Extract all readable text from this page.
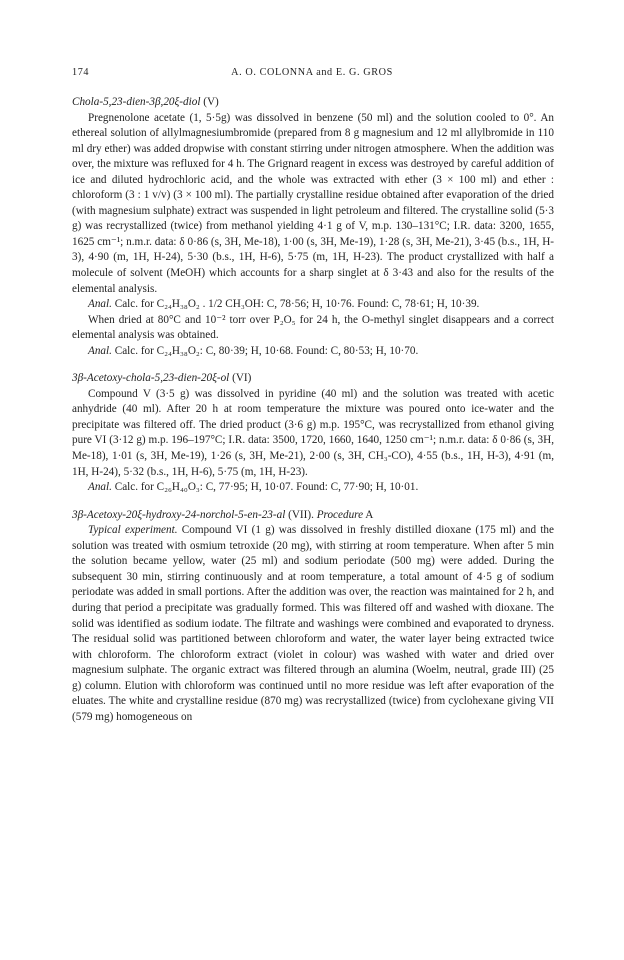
174	A. O. COLONNA and E. G. GROS

Chola-5,23-dien-3β,20ξ-diol (V)

Pregnenolone acetate (1, 5·5g) was dissolved in benzene (50 ml) and the solution cooled to 0°. An ethereal solution of allylmagnesiumbromide (prepared from 8 g magnesium and 12 ml allylbromide in 110 ml dry ether) was added dropwise with constant stirring under nitrogen atmosphere. When the addition was over, the mixture was refluxed for 4 h. The Grignard reagent in excess was destroyed by careful addition of ice and diluted hydrochloric acid, and the whole was extracted with ether (3 × 100 ml) and ether : chloroform (3 : 1 v/v) (3 × 100 ml). The partially crystalline residue obtained after evaporation of the dried (with magnesium sulphate) extract was suspended in light petroleum and filtered. The crystalline solid (5·3 g) was recrystallized (twice) from methanol yielding 4·1 g of V, m.p. 130–131°C; I.R. data: 3200, 1655, 1625 cm⁻¹; n.m.r. data: δ 0·86 (s, 3H, Me-18), 1·00 (s, 3H, Me-19), 1·28 (s, 3H, Me-21), 3·45 (b.s., 1H, H-3), 4·90 (m, 1H, H-24), 5·30 (b.s., 1H, H-6), 5·75 (m, 1H, H-23). The product crystallized with half a molecule of solvent (MeOH) which accounts for a sharp singlet at δ 3·43 and also for the results of the elemental analysis.

Anal. Calc. for C₂₄H₃₈O₂ . 1/2 CH₃OH: C, 78·56; H, 10·76. Found: C, 78·61; H, 10·39.

When dried at 80°C and 10⁻² torr over P₂O₅ for 24 h, the O-methyl singlet disappears and a correct elemental analysis was obtained.

Anal. Calc. for C₂₄H₃₈O₂: C, 80·39; H, 10·68. Found: C, 80·53; H, 10·70.

3β-Acetoxy-chola-5,23-dien-20ξ-ol (VI)

Compound V (3·5 g) was dissolved in pyridine (40 ml) and the solution was treated with acetic anhydride (40 ml). After 20 h at room temperature the mixture was poured onto ice-water and the precipitate was filtered off. The dried product (3·6 g) m.p. 195°C, was recrystallized from ethanol giving pure VI (3·12 g) m.p. 196–197°C; I.R. data: 3500, 1720, 1660, 1640, 1250 cm⁻¹; n.m.r. data: δ 0·86 (s, 3H, Me-18), 1·01 (s, 3H, Me-19), 1·26 (s, 3H, Me-21), 2·00 (s, 3H, CH₃-CO), 4·55 (b.s., 1H, H-3), 4·91 (m, 1H, H-24), 5·32 (b.s., 1H, H-6), 5·75 (m, 1H, H-23).

Anal. Calc. for C₂₆H₄₀O₃: C, 77·95; H, 10·07. Found: C, 77·90; H, 10·01.

3β-Acetoxy-20ξ-hydroxy-24-norchol-5-en-23-al (VII). Procedure A

Typical experiment. Compound VI (1 g) was dissolved in freshly distilled dioxane (175 ml) and the solution was treated with osmium tetroxide (20 mg), with stirring at room temperature. When after 5 min the solution became yellow, water (25 ml) and sodium periodate (500 mg) were added. During the subsequent 30 min, stirring continuously and at room temperature, a total amount of 4·5 g of sodium periodate was added in small portions. After the addition was over, the reaction was maintained for 2 h, and during that period a precipitate was gradually formed. This was filtered off and washed with dioxane. The solid was identified as sodium iodate. The filtrate and washings were combined and evaporated to dryness. The residual solid was partitioned between chloroform and water, the water layer being extracted twice with chloroform. The chloroform extract (violet in colour) was washed with water and dried over magnesium sulphate. The organic extract was filtered through an alumina (Woelm, neutral, grade III) (25 g) column. Elution with chloroform was continued until no more residue was left after evaporation of the eluates. The white and crystalline residue (870 mg) was recrystallized (twice) from cyclohexane giving VII (579 mg) homogeneous on
